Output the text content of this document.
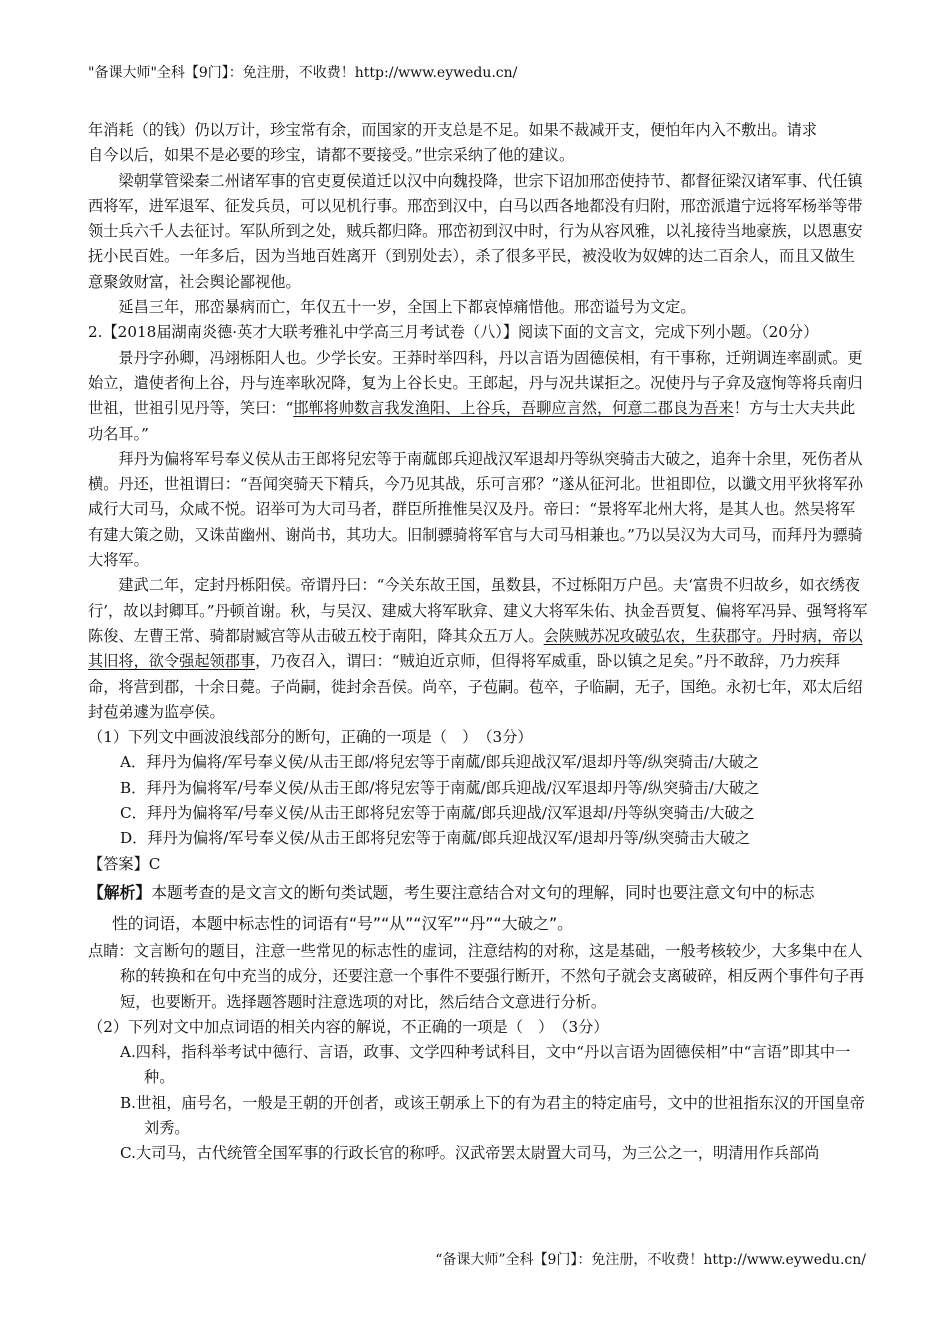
"备课大师"全科【9门】：免注册，不收费！http://www.eywedu.cn/

年消耗（的钱）仍以万计，珍宝常有余，而国家的开支总是不足。如果不裁减开支，便怕年内入不敷出。请求

自今以后，如果不是必要的珍宝，请都不要接受。”世宗采纳了他的建议。

梁朝掌管梁秦二州诸军事的官吏夏侯道迁以汉中向魏投降，世宗下诏加邢峦使持节、都督征梁汉诸军事、代任镇西将军，进军退军、征发兵员，可以见机行事。邢峦到汉中，白马以西各地都没有归附，邢峦派遣宁远将军杨举等带领士兵六千人去征讨。军队所到之处，贼兵都归降。邢峦初到汉中时，行为从容风雅，以礼接待当地豪族，以恩惠安抚小民百姓。一年多后，因为当地百姓离开（到别处去），杀了很多平民，被没收为奴婢的达二百余人，而且又做生意聚敛财富，社会舆论鄙视他。

延昌三年，邢峦暴病而亡，年仅五十一岁，全国上下都哀悼痛惜他。邢峦谥号为文定。

2.【2018届湖南炎德·英才大联考雅礼中学高三月考试卷（八）】阅读下面的文言文，完成下列小题。（20分）

景丹字孙卿，冯翊栎阳人也。少学长安。王莽时举四科，丹以言语为固德侯相，有干事称，迁朔调连率副贰。更始立，遣使者徇上谷，丹与连率耿况降，复为上谷长史。王郎起，丹与况共谋拒之。况使丹与子弇及寇恂等将兵南归世祖，世祖引见丹等，笑曰：“邯郸将帅数言我发渔阳、上谷兵，吾聊应言然，何意二郡良为吾来！方与士大夫共此功名耳。”

拜丹为偏将军号奉义侯从击王郎将兒宏等于南蓏郎兵迎战汉军退却丹等纵突骑击大破之，追奔十余里，死伤者从横。丹还，世祖谓曰：“吾闻突骑天下精兵，今乃见其战，乐可言邪？”遂从征河北。世祖即位，以谶文用平狄将军孙咸行大司马，众咸不悦。诏举可为大司马者，群臣所推惟吴汉及丹。帝曰：“景将军北州大将，是其人也。然吴将军有建大策之勋，又诛苗幽州、谢尚书，其功大。旧制骠骑将军官与大司马相兼也。”乃以吴汉为大司马，而拜丹为骠骑大将军。

建武二年，定封丹栎阳侯。帝谓丹曰：“今关东故王国，虽数县，不过栎阳万户邑。夫‘富贵不归故乡，如衣绣夜行’，故以封卿耳。”丹顿首谢。秋，与吴汉、建威大将军耿弇、建义大将军朱佑、执金吾贾复、偏将军冯异、强弩将军陈俊、左曹王常、骑都尉臧宫等从击破五校于南阳，降其众五万人。会陕贼苏况攻破弘农，生获郡守。丹时病，帝以其旧将，欲令强起领郡事，乃夜召入，谓曰：“贼迫近京师，但得将军威重，卧以镇之足矣。”丹不敢辞，乃力疾拜命，将营到郡，十余日薨。子尚嗣，徙封余吾侯。尚卒，子苞嗣。苞卒，子临嗣，无子，国绝。永初七年，邓太后绍封苞弟遽为监亭侯。

（1）下列文中画波浪线部分的断句，正确的一项是（　）　（3分）

A．拜丹为偏将/军号奉义侯/从击王郎/将兒宏等于南蓏/郎兵迎战汉军/退却丹等/纵突骑击/大破之

B．拜丹为偏将军/号奉义侯/从击王郎/将兒宏等于南蓏/郎兵迎战/汉军退却丹等/纵突骑击/大破之

C．拜丹为偏将军/号奉义侯/从击王郎将兒宏等于南蓏/郎兵迎战/汉军退却/丹等纵突骑击/大破之

D．拜丹为偏将/军号奉义侯/从击王郎将兒宏等于南蓏/郎兵迎战汉军/退却丹等/纵突骑击大破之

【答案】C

【解析】本题考查的是文言文的断句类试题，考生要注意结合对文句的理解，同时也要注意文句中的标志

性的词语，本题中标志性的词语有“号”“从”“汉军”“丹”“大破之”。

点睛：文言断句的题目，注意一些常见的标志性的虚词，注意结构的对称，这是基础，一般考核较少，大多集中在人称的转换和在句中充当的成分，还要注意一个事件不要强行断开，不然句子就会支离破碎，相反两个事件句子再短，也要断开。选择题答题时注意选项的对比，然后结合文意进行分析。

（2）下列对文中加点词语的相关内容的解说，不正确的一项是（　）　（3分）

A.四科，指科举考试中德行、言语，政事、文学四种考试科目，文中“丹以言语为固德侯相”中“言语”即其中一种。

B.世祖，庙号名，一般是王朝的开创者，或该王朝承上下的有为君主的特定庙号，文中的世祖指东汉的开国皇帝刘秀。

C.大司马，古代统管全国军事的行政长官的称呼。汉武帝罢太尉置大司马，为三公之一，明清用作兵部尚

“备课大师”全科【9门】：免注册，不收费！http://www.eywedu.cn/
